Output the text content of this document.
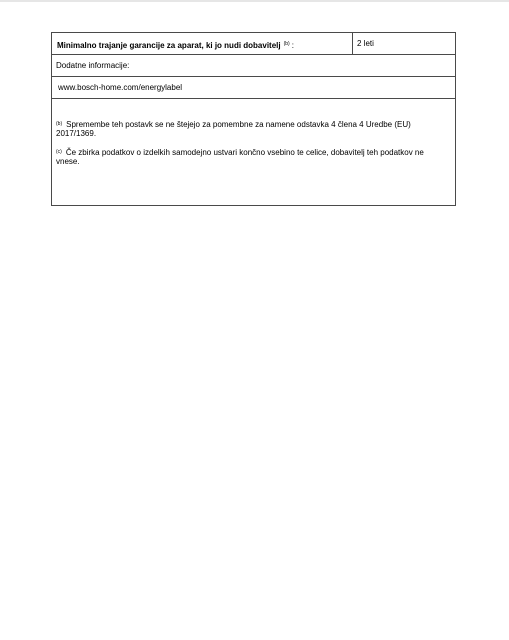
Minimalno trajanje garancije za aparat, ki jo nudi dobavitelj $^{(b)}$ :	2 leti
Dodatne informacije:
www.bosch-home.com/energylabel
$^{(b)}$ Spremembe teh postavk se ne štejejo za pomembne za namene odstavka 4 člena 4 Uredbe (EU) 2017/1369.
$^{(c)}$ Če zbirka podatkov o izdelkih samodejno ustvari končno vsebino te celice, dobavitelj teh podatkov ne vnese.
